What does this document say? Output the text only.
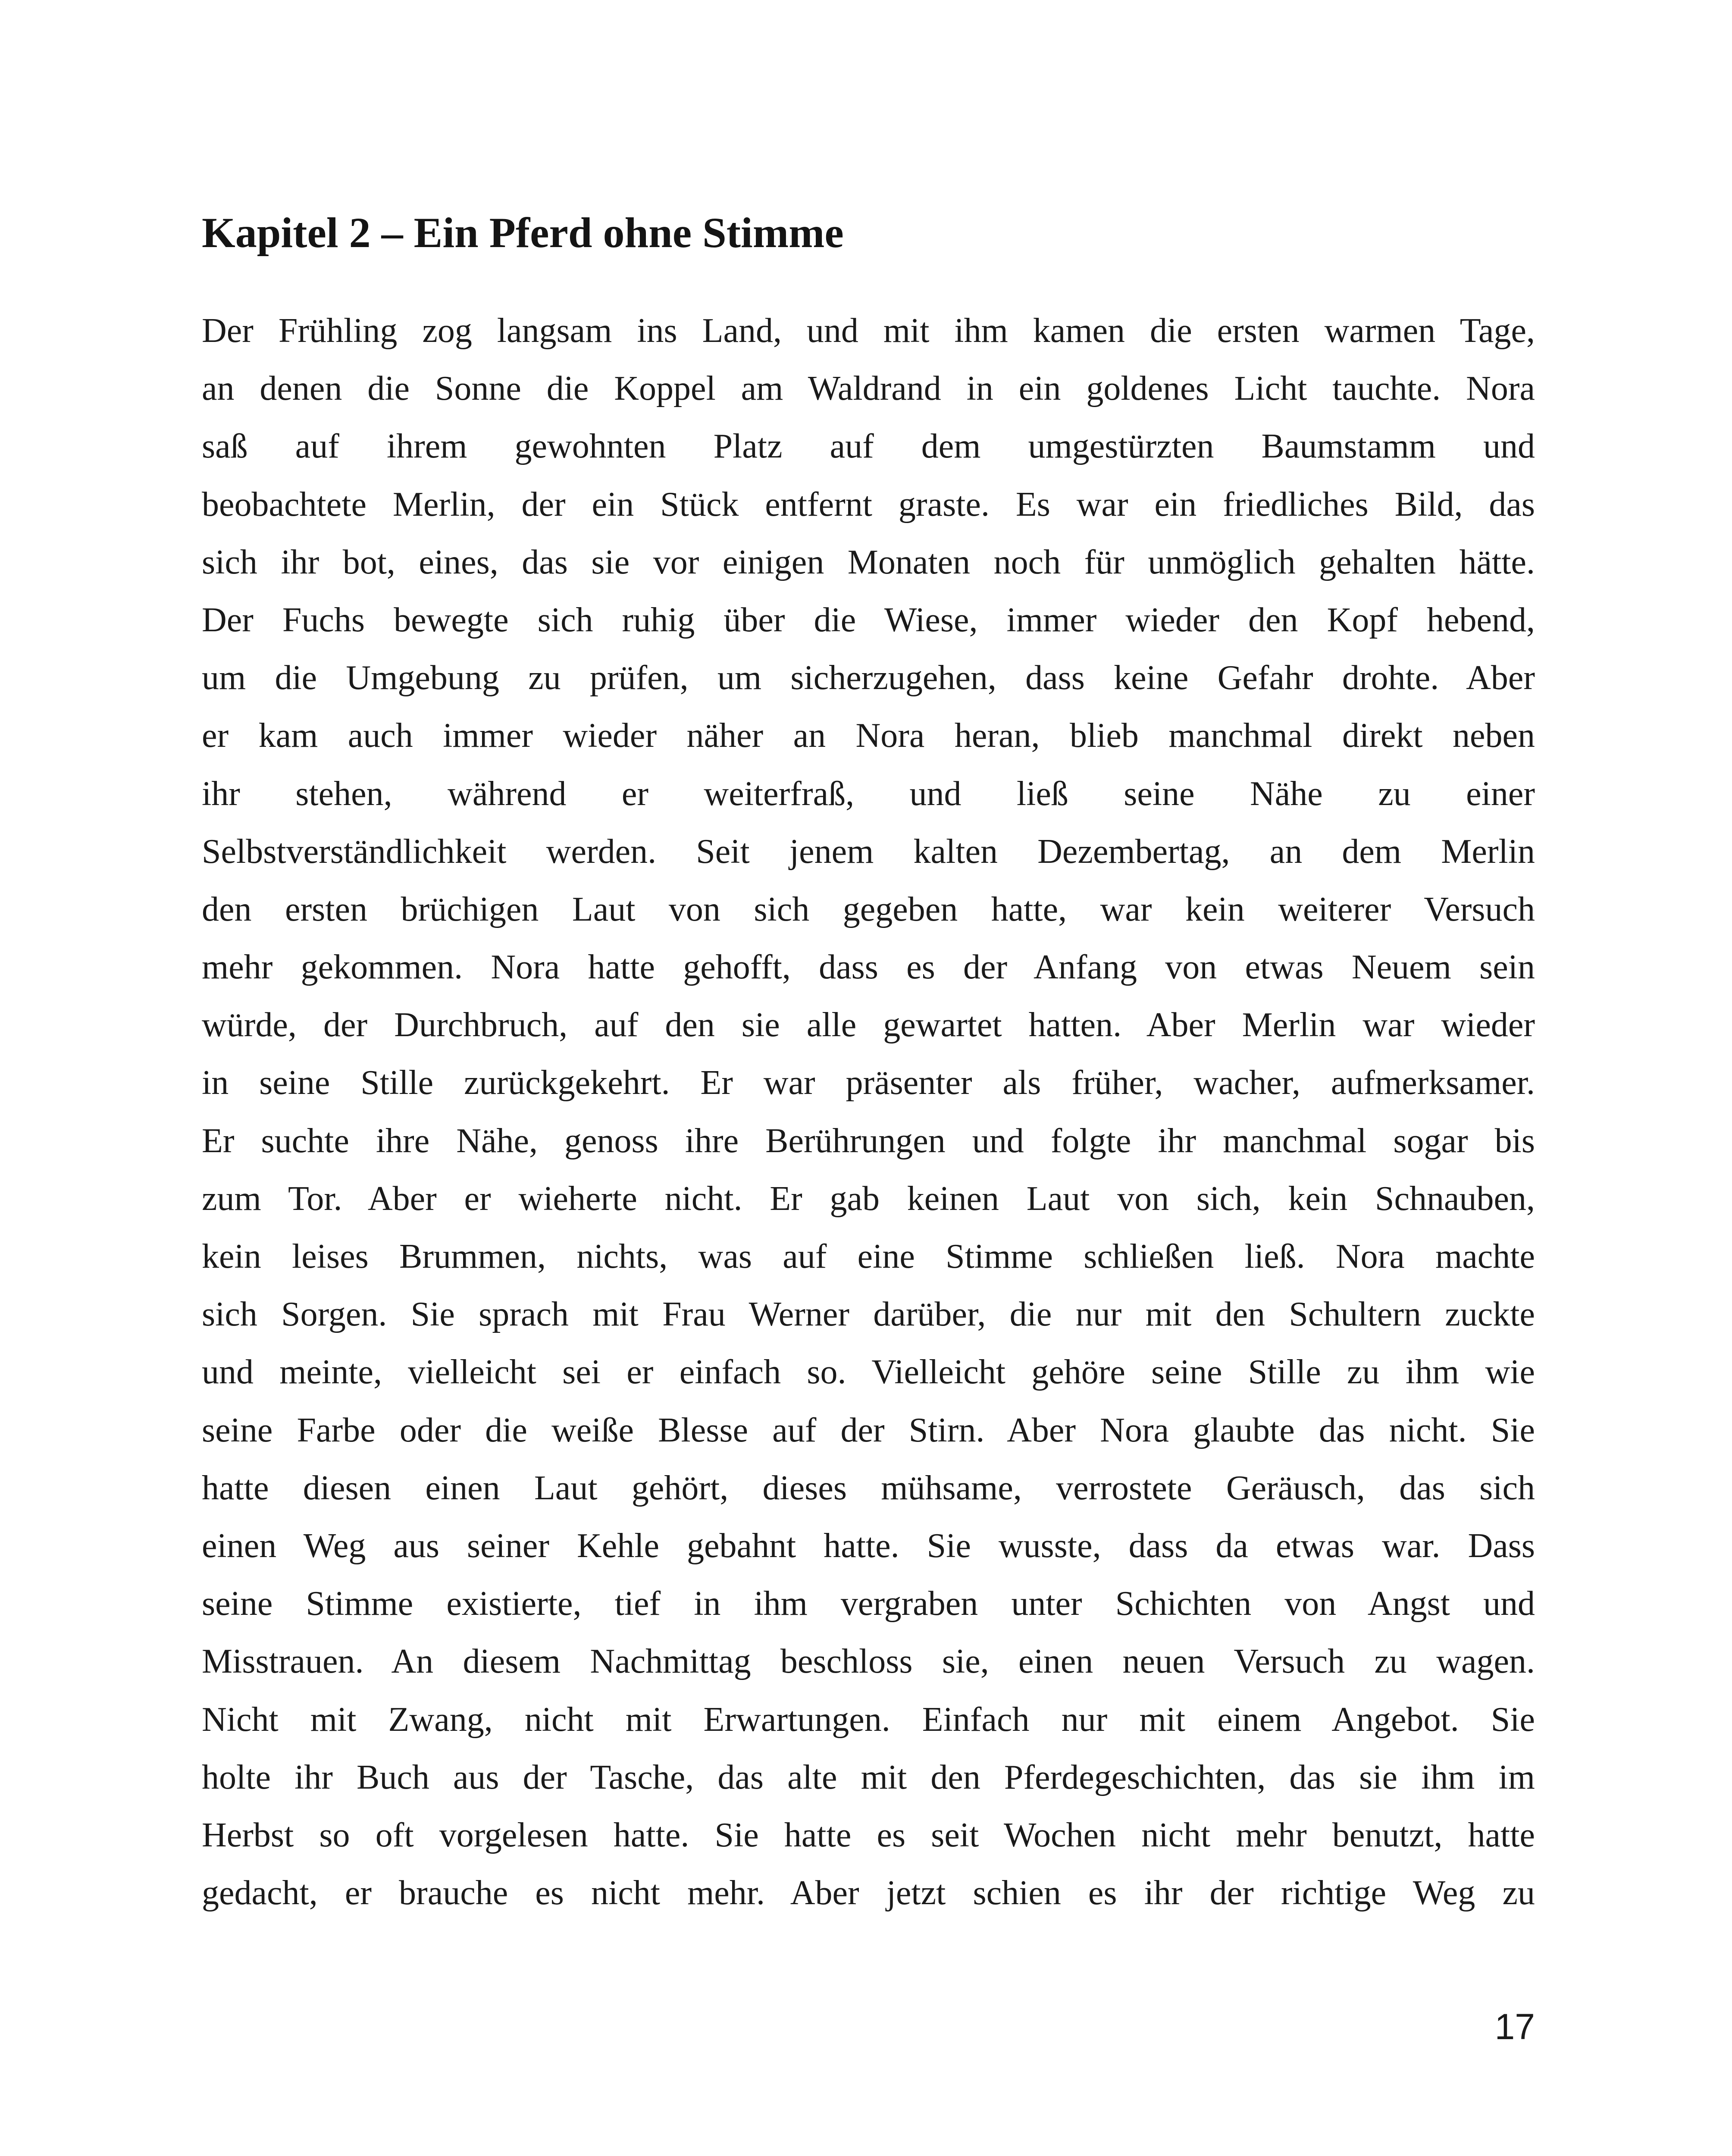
Kapitel 2 – Ein Pferd ohne Stimme
Der Frühling zog langsam ins Land, und mit ihm kamen die ersten warmen Tage,
an denen die Sonne die Koppel am Waldrand in ein goldenes Licht tauchte. Nora
saß auf ihrem gewohnten Platz auf dem umgestürzten Baumstamm und
beobachtete Merlin, der ein Stück entfernt graste. Es war ein friedliches Bild, das
sich ihr bot, eines, das sie vor einigen Monaten noch für unmöglich gehalten hätte.
Der Fuchs bewegte sich ruhig über die Wiese, immer wieder den Kopf hebend,
um die Umgebung zu prüfen, um sicherzugehen, dass keine Gefahr drohte. Aber
er kam auch immer wieder näher an Nora heran, blieb manchmal direkt neben
ihr stehen, während er weiterfraß, und ließ seine Nähe zu einer
Selbstverständlichkeit werden. Seit jenem kalten Dezembertag, an dem Merlin
den ersten brüchigen Laut von sich gegeben hatte, war kein weiterer Versuch
mehr gekommen. Nora hatte gehofft, dass es der Anfang von etwas Neuem sein
würde, der Durchbruch, auf den sie alle gewartet hatten. Aber Merlin war wieder
in seine Stille zurückgekehrt. Er war präsenter als früher, wacher, aufmerksamer.
Er suchte ihre Nähe, genoss ihre Berührungen und folgte ihr manchmal sogar bis
zum Tor. Aber er wieherte nicht. Er gab keinen Laut von sich, kein Schnauben,
kein leises Brummen, nichts, was auf eine Stimme schließen ließ. Nora machte
sich Sorgen. Sie sprach mit Frau Werner darüber, die nur mit den Schultern zuckte
und meinte, vielleicht sei er einfach so. Vielleicht gehöre seine Stille zu ihm wie
seine Farbe oder die weiße Blesse auf der Stirn. Aber Nora glaubte das nicht. Sie
hatte diesen einen Laut gehört, dieses mühsame, verrostete Geräusch, das sich
einen Weg aus seiner Kehle gebahnt hatte. Sie wusste, dass da etwas war. Dass
seine Stimme existierte, tief in ihm vergraben unter Schichten von Angst und
Misstrauen. An diesem Nachmittag beschloss sie, einen neuen Versuch zu wagen.
Nicht mit Zwang, nicht mit Erwartungen. Einfach nur mit einem Angebot. Sie
holte ihr Buch aus der Tasche, das alte mit den Pferdegeschichten, das sie ihm im
Herbst so oft vorgelesen hatte. Sie hatte es seit Wochen nicht mehr benutzt, hatte
gedacht, er brauche es nicht mehr. Aber jetzt schien es ihr der richtige Weg zu
17
